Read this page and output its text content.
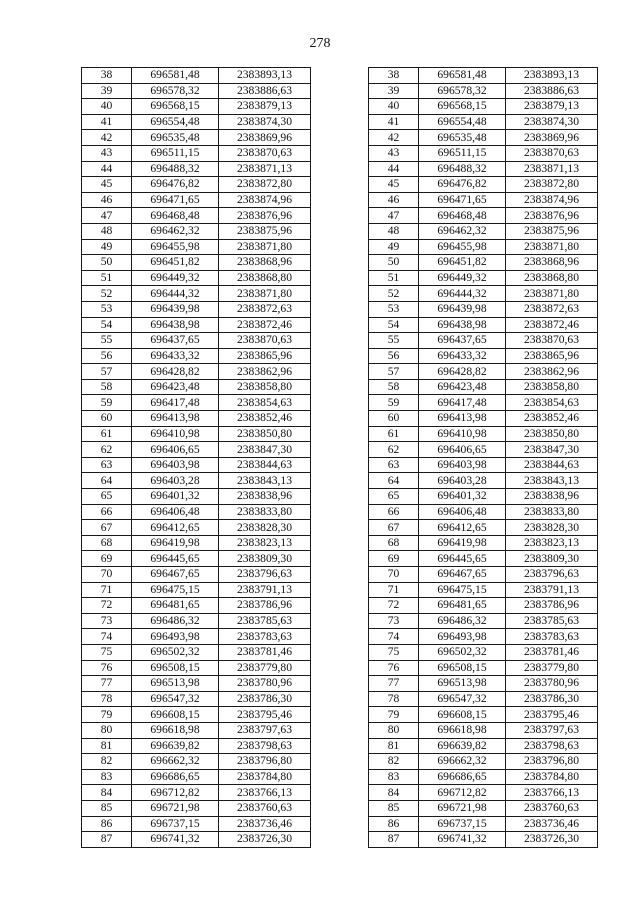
278
38	696581,48	2383893,13		38	696581,48	2383893,13
39	696578,32	2383886,63		39	696578,32	2383886,63
40	696568,15	2383879,13		40	696568,15	2383879,13
41	696554,48	2383874,30		41	696554,48	2383874,30
42	696535,48	2383869,96		42	696535,48	2383869,96
43	696511,15	2383870,63		43	696511,15	2383870,63
44	696488,32	2383871,13		44	696488,32	2383871,13
45	696476,82	2383872,80		45	696476,82	2383872,80
46	696471,65	2383874,96		46	696471,65	2383874,96
47	696468,48	2383876,96		47	696468,48	2383876,96
48	696462,32	2383875,96		48	696462,32	2383875,96
49	696455,98	2383871,80		49	696455,98	2383871,80
50	696451,82	2383868,96		50	696451,82	2383868,96
51	696449,32	2383868,80		51	696449,32	2383868,80
52	696444,32	2383871,80		52	696444,32	2383871,80
53	696439,98	2383872,63		53	696439,98	2383872,63
54	696438,98	2383872,46		54	696438,98	2383872,46
55	696437,65	2383870,63		55	696437,65	2383870,63
56	696433,32	2383865,96		56	696433,32	2383865,96
57	696428,82	2383862,96		57	696428,82	2383862,96
58	696423,48	2383858,80		58	696423,48	2383858,80
59	696417,48	2383854,63		59	696417,48	2383854,63
60	696413,98	2383852,46		60	696413,98	2383852,46
61	696410,98	2383850,80		61	696410,98	2383850,80
62	696406,65	2383847,30		62	696406,65	2383847,30
63	696403,98	2383844,63		63	696403,98	2383844,63
64	696403,28	2383843,13		64	696403,28	2383843,13
65	696401,32	2383838,96		65	696401,32	2383838,96
66	696406,48	2383833,80		66	696406,48	2383833,80
67	696412,65	2383828,30		67	696412,65	2383828,30
68	696419,98	2383823,13		68	696419,98	2383823,13
69	696445,65	2383809,30		69	696445,65	2383809,30
70	696467,65	2383796,63		70	696467,65	2383796,63
71	696475,15	2383791,13		71	696475,15	2383791,13
72	696481,65	2383786,96		72	696481,65	2383786,96
73	696486,32	2383785,63		73	696486,32	2383785,63
74	696493,98	2383783,63		74	696493,98	2383783,63
75	696502,32	2383781,46		75	696502,32	2383781,46
76	696508,15	2383779,80		76	696508,15	2383779,80
77	696513,98	2383780,96		77	696513,98	2383780,96
78	696547,32	2383786,30		78	696547,32	2383786,30
79	696608,15	2383795,46		79	696608,15	2383795,46
80	696618,98	2383797,63		80	696618,98	2383797,63
81	696639,82	2383798,63		81	696639,82	2383798,63
82	696662,32	2383796,80		82	696662,32	2383796,80
83	696686,65	2383784,80		83	696686,65	2383784,80
84	696712,82	2383766,13		84	696712,82	2383766,13
85	696721,98	2383760,63		85	696721,98	2383760,63
86	696737,15	2383736,46		86	696737,15	2383736,46
87	696741,32	2383726,30		87	696741,32	2383726,30
